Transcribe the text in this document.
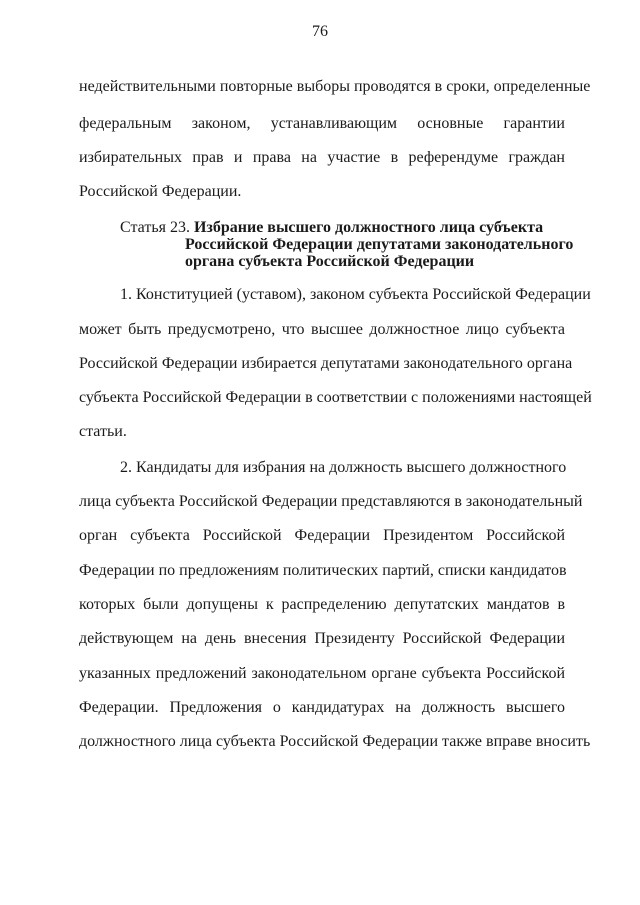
76
недействительными повторные выборы проводятся в сроки, определенные
федеральным законом, устанавливающим основные гарантии
избирательных прав и права на участие в референдуме граждан
Российской Федерации.
Статья 23. Избрание высшего должностного лица субъекта
Российской Федерации депутатами законодательного
органа субъекта Российской Федерации
1. Конституцией (уставом), законом субъекта Российской Федерации
может быть предусмотрено, что высшее должностное лицо субъекта
Российской Федерации избирается депутатами законодательного органа
субъекта Российской Федерации в соответствии с положениями настоящей
статьи.
2. Кандидаты для избрания на должность высшего должностного
лица субъекта Российской Федерации представляются в законодательный
орган субъекта Российской Федерации Президентом Российской
Федерации по предложениям политических партий, списки кандидатов
которых были допущены к распределению депутатских мандатов в
действующем на день внесения Президенту Российской Федерации
указанных предложений законодательном органе субъекта Российской
Федерации. Предложения о кандидатурах на должность высшего
должностного лица субъекта Российской Федерации также вправе вносить
